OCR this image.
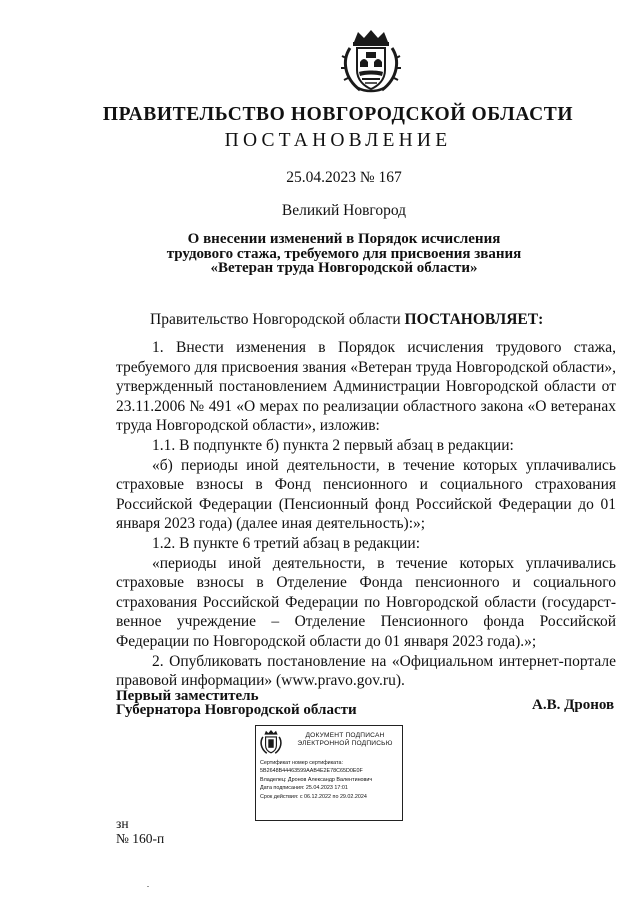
ПРАВИТЕЛЬСТВО НОВГОРОДСКОЙ ОБЛАСТИ
ПОСТАНОВЛЕНИЕ
25.04.2023 № 167
Великий Новгород
О внесении изменений в Порядок исчисления
трудового стажа, требуемого для присвоения звания
«Ветеран труда Новгородской области»
Правительство Новгородской области ПОСТАНОВЛЯЕТ:

1. Внести изменения в Порядок исчисления трудового стажа, требуемого для присвоения звания «Ветеран труда Новгородской области», утвержденный постановлением Администрации Новгородской области от 23.11.2006 № 491 «О мерах по реализации областного закона «О ветеранах труда Новгородской области», изложив:

1.1. В подпункте б) пункта 2 первый абзац в редакции:

«б) периоды иной деятельности, в течение которых уплачивались страховые взносы в Фонд пенсионного и социального страхования Российской Федерации (Пенсионный фонд Российской Федерации до 01 января 2023 года) (далее иная деятельность):»;

1.2. В пункте 6 третий абзац в редакции:

«периоды иной деятельности, в течение которых уплачивались страховые взносы в Отделение Фонда пенсионного и социального страхования Российской Федерации по Новгородской области (государственное учреждение – Отделение Пенсионного фонда Российской Федерации по Новгородской области до 01 января 2023 года).»;

2. Опубликовать постановление на «Официальном интернет-портале правовой информации» (www.pravo.gov.ru).

Первый заместитель
Губернатора Новгородской области	А.В. Дронов
ДОКУМЕНТ ПОДПИСАН
ЭЛЕКТРОННОЙ ПОДПИСЬЮ
Сертификат номер сертификата:
5B2648B44463599AAB4E2E78C65D0E0F
Владелец: Дронов Александр Валентинович
Дата подписания: 25.04.2023 17:01
Срок действия: с 06.12.2022 по 29.02.2024
зн
№ 160-п
